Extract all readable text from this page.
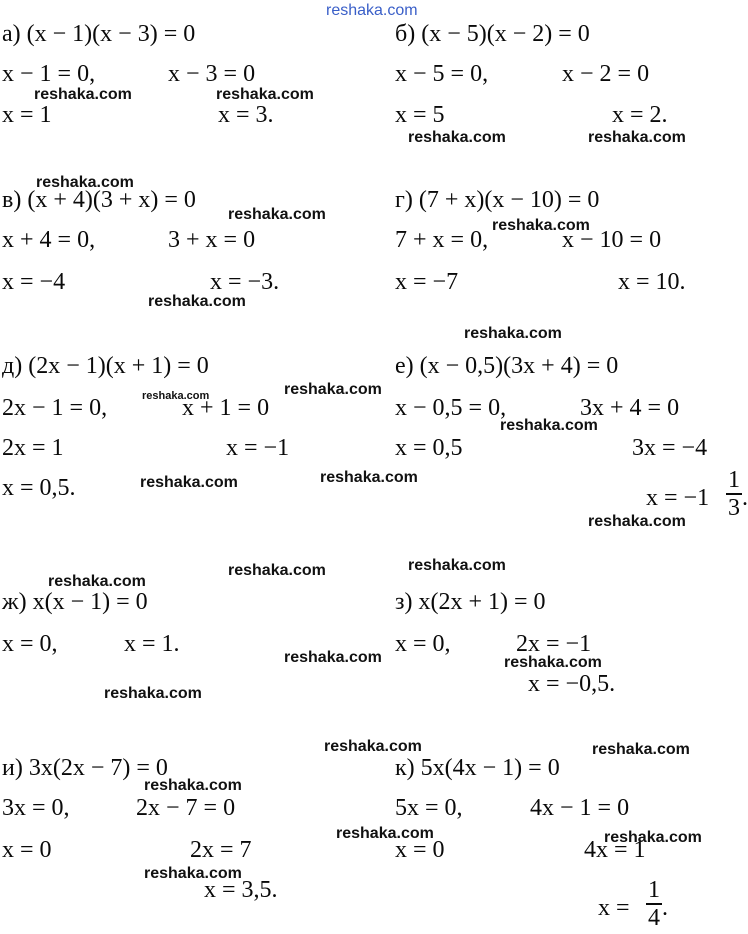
reshaka.com
а) (x − 1)(x − 3) = 0
x − 1 = 0,	x − 3 = 0
x = 1	x = 3.
б) (x − 5)(x − 2) = 0
x − 5 = 0,	x − 2 = 0
x = 5	x = 2.
в) (x + 4)(3 + x) = 0
x + 4 = 0,	3 + x = 0
x = −4	x = −3.
г) (7 + x)(x − 10) = 0
7 + x = 0,	x − 10 = 0
x = −7	x = 10.
д) (2x − 1)(x + 1) = 0
2x − 1 = 0,	x + 1 = 0
2x = 1	x = −1
x = 0,5.
е) (x − 0,5)(3x + 4) = 0
x − 0,5 = 0,	3x + 4 = 0
x = 0,5	3x = −4
x = −1
1
3 .
ж) x(x − 1) = 0
x = 0,	x = 1.
з) x(2x + 1) = 0
x = 0,	2x = −1
x = −0,5.
и) 3x(2x − 7) = 0
3x = 0,	2x − 7 = 0
x = 0	2x = 7
x = 3,5.
к) 5x(4x − 1) = 0
5x = 0,	4x − 1 = 0
x = 0	4x = 1
x =
1
4 .
reshaka.com	reshaka.com
reshaka.com	reshaka.com
reshaka.com
reshaka.com
reshaka.com
reshaka.com
reshaka.com
reshaka.com	reshaka.com
reshaka.com
reshaka.com
reshaka.com
reshaka.com
reshaka.com
reshaka.com
reshaka.com
reshaka.com	reshaka.com
reshaka.com
reshaka.com	reshaka.com
reshaka.com
reshaka.com	reshaka.com
reshaka.com
